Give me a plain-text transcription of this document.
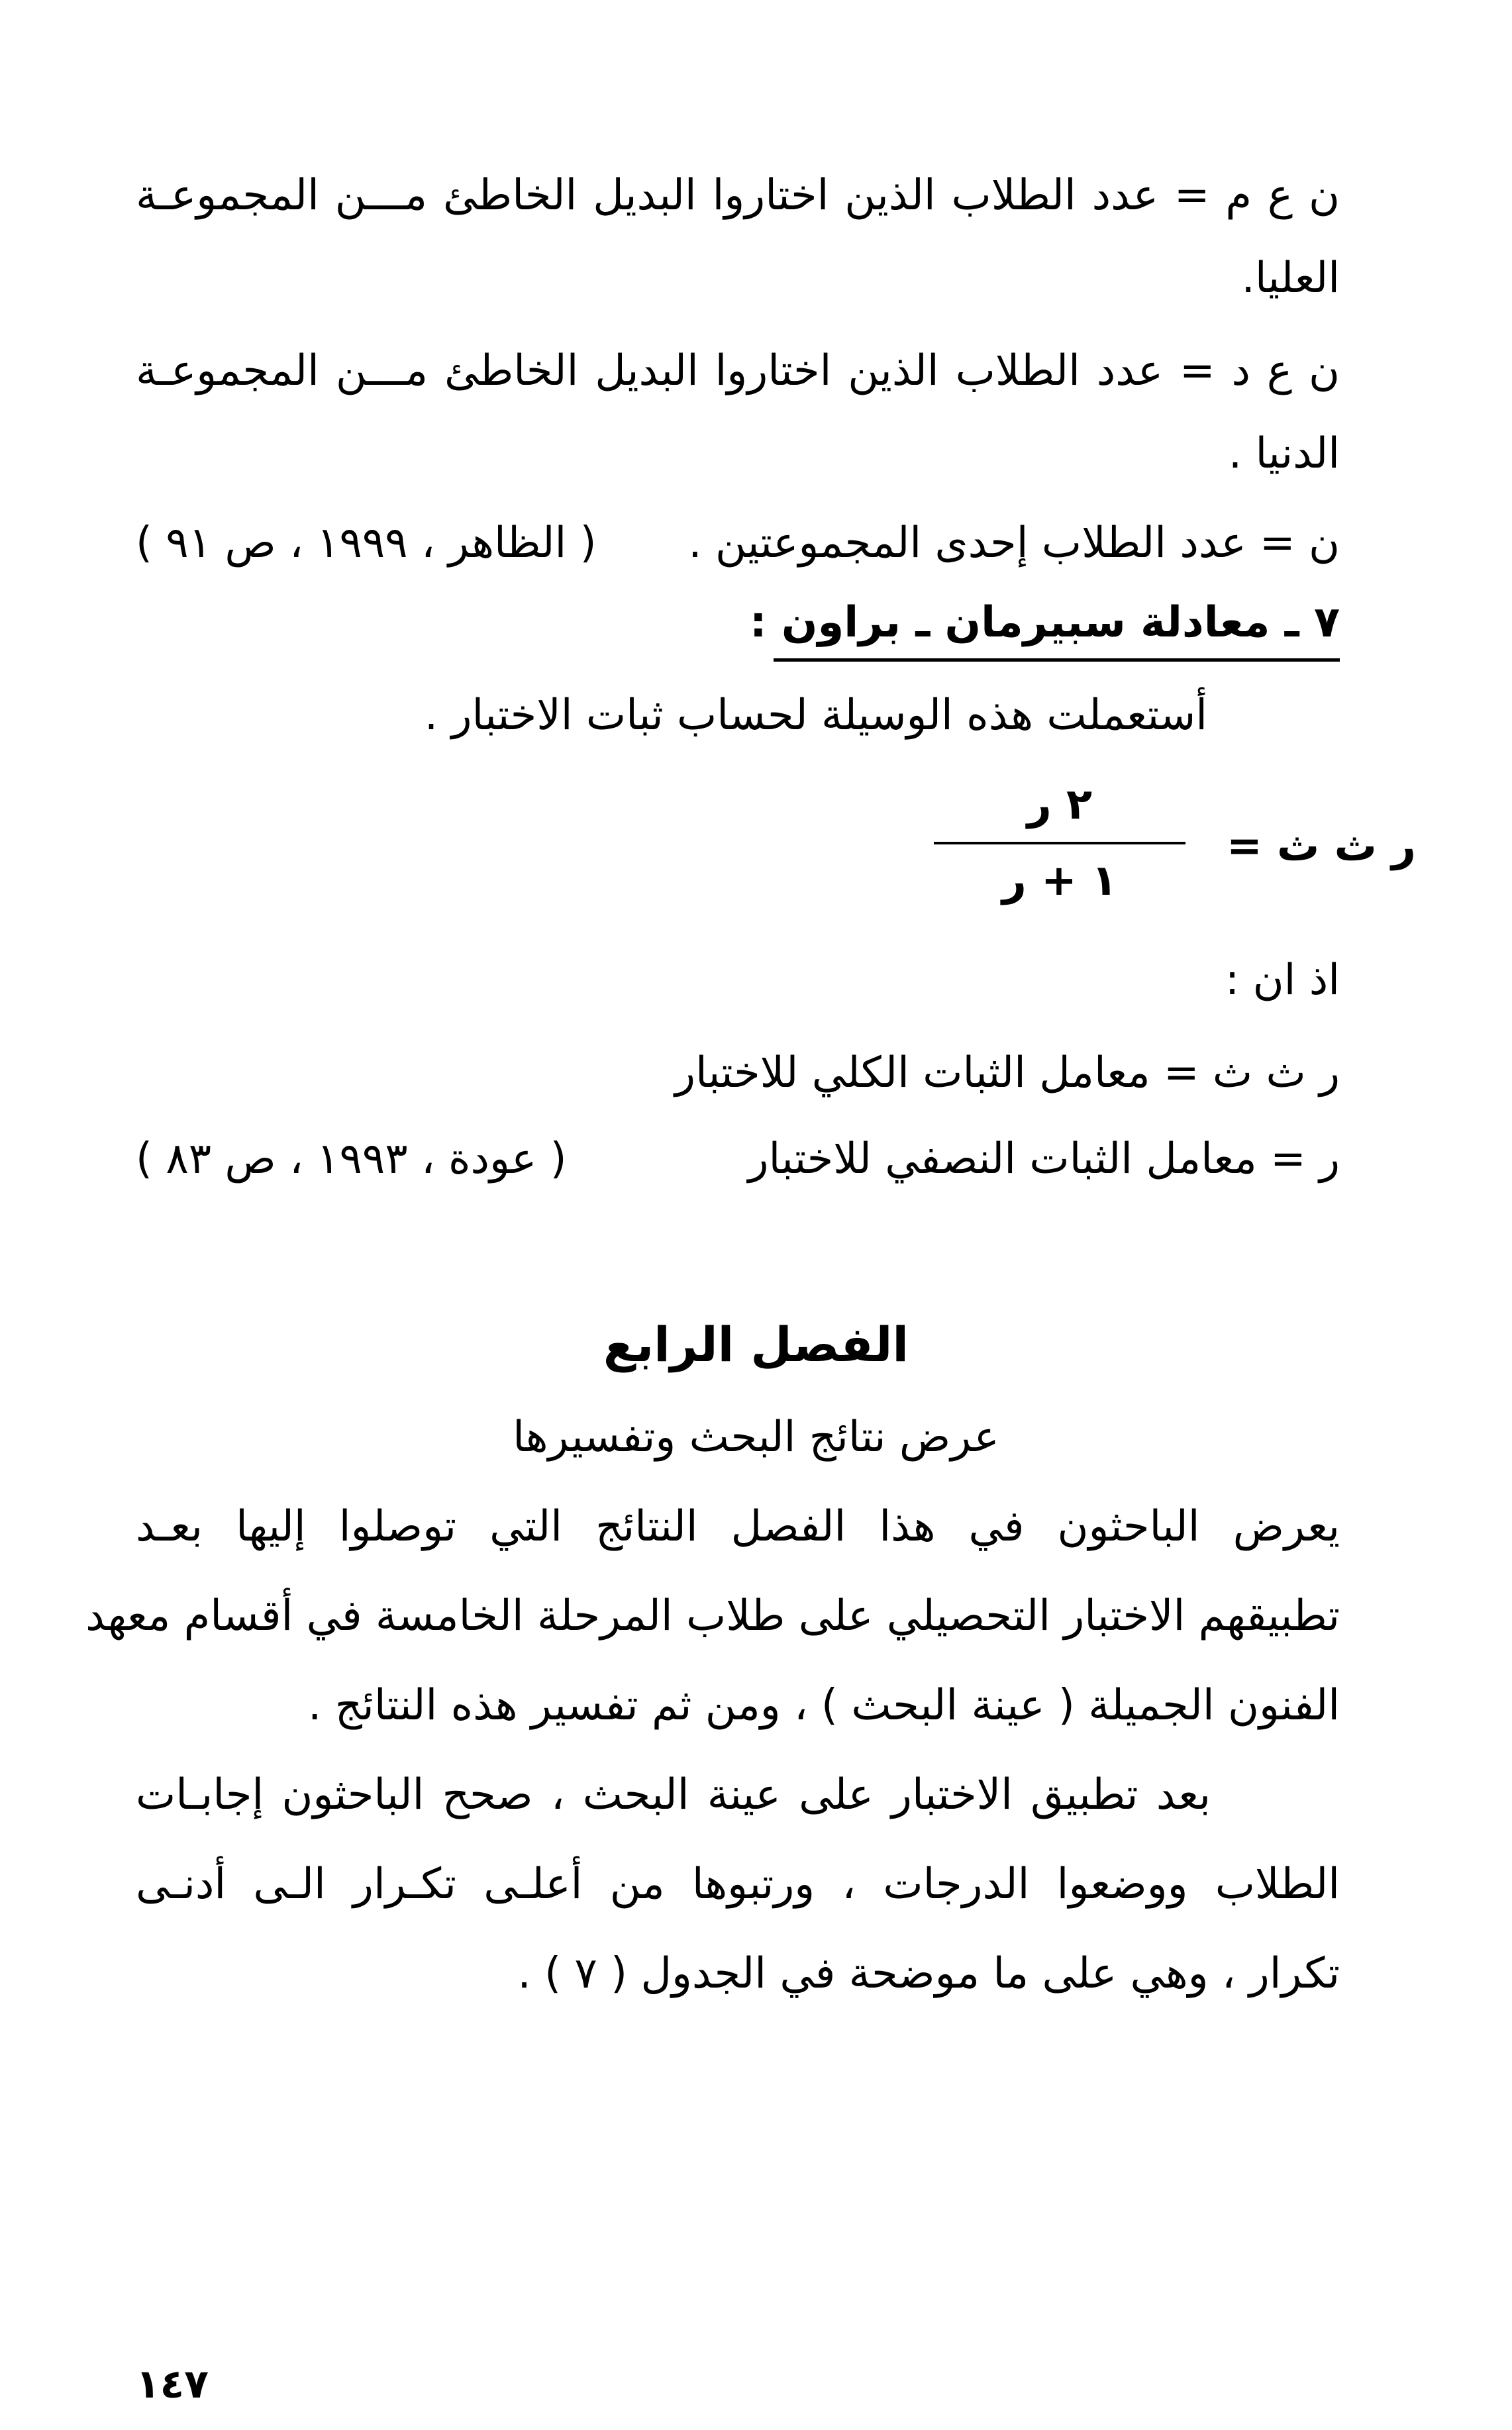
ن ع م = عدد الطلاب الذين اختاروا البديل الخاطئ مـــن المجموعـة
العليا.
ن ع د = عدد الطلاب الذين اختاروا البديل الخاطئ مـــن المجموعـة
الدنيا .
ن = عدد الطلاب إحدى المجموعتين .
( الظاهر ، ١٩٩٩ ، ص ٩١ )
٧ ـ معادلة سبيرمان ـ براون :
أستعملت هذه الوسيلة لحساب ثبات الاختبار .
ر ث ث =
٢ ر
١ + ر
اذ ان :
ر ث ث = معامل الثبات الكلي للاختبار
ر = معامل الثبات النصفي للاختبار
( عودة ، ١٩٩٣ ، ص ٨٣ )
الفصل الرابع
عرض نتائج البحث وتفسيرها
يعرض الباحثون في هذا الفصل النتائج التي توصلوا إليها بعـد
تطبيقهم الاختبار التحصيلي على طلاب المرحلة الخامسة في أقسام معهد
الفنون الجميلة ( عينة البحث ) ، ومن ثم تفسير هذه النتائج .
بعد تطبيق الاختبار على عينة البحث ، صحح الباحثون إجابـات
الطلاب ووضعوا الدرجات ، ورتبوها من أعلـى تكـرار الـى أدنـى
تكرار ، وهي على ما موضحة في الجدول ( ٧ ) .
١٤٧
